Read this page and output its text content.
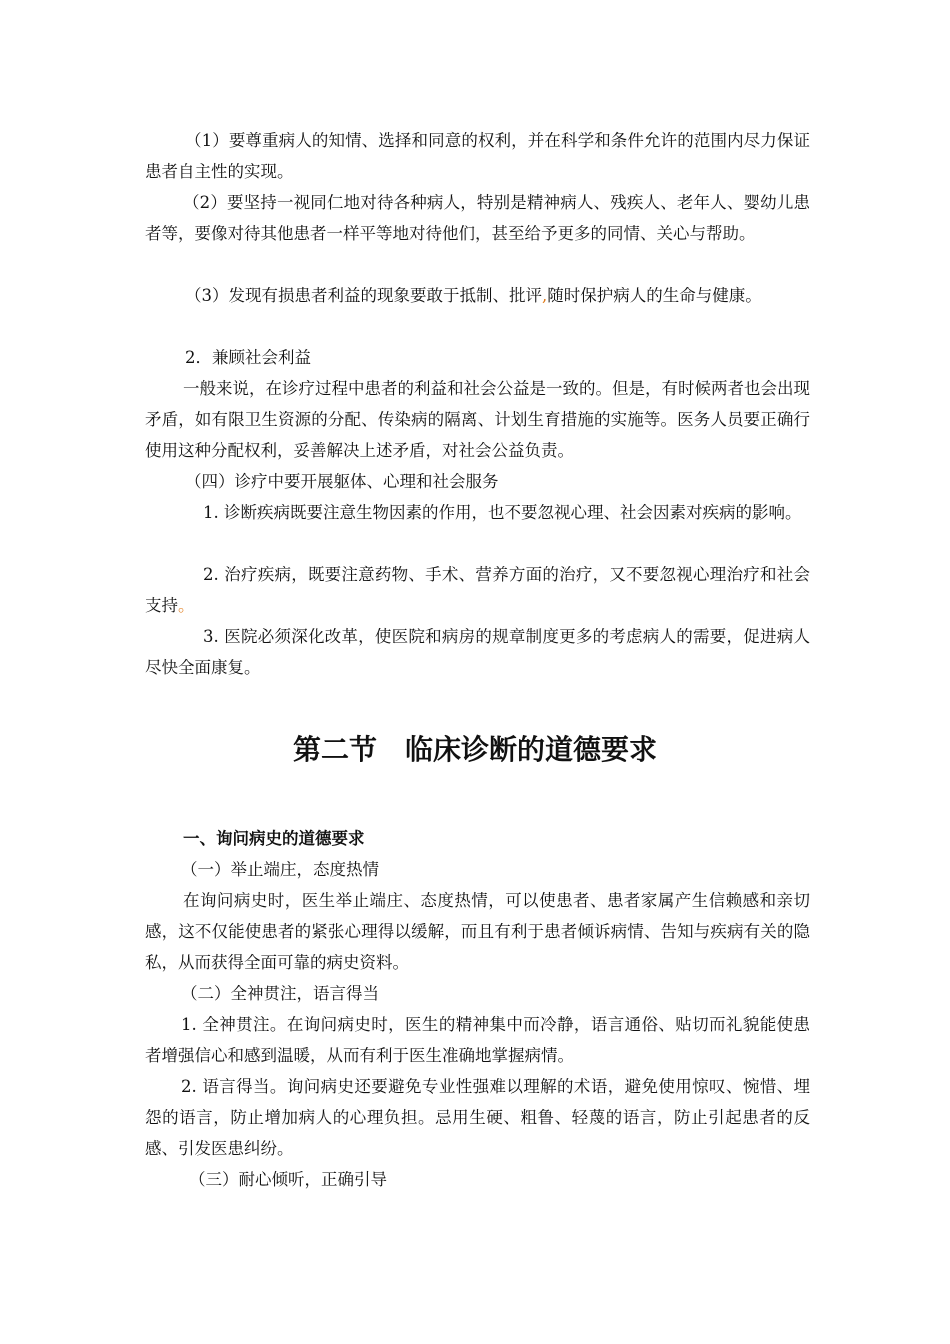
（1）要尊重病人的知情、选择和同意的权利，并在科学和条件允许的范围内尽力保证患者自主性的实现。

（2）要坚持一视同仁地对待各种病人，特别是精神病人、残疾人、老年人、婴幼儿患者等，要像对待其他患者一样平等地对待他们，甚至给予更多的同情、关心与帮助。

（3）发现有损患者利益的现象要敢于抵制、批评,随时保护病人的生命与健康。

2．兼顾社会利益

一般来说，在诊疗过程中患者的利益和社会公益是一致的。但是，有时候两者也会出现矛盾，如有限卫生资源的分配、传染病的隔离、计划生育措施的实施等。医务人员要正确行使用这种分配权利，妥善解决上述矛盾，对社会公益负责。

（四）诊疗中要开展躯体、心理和社会服务

1. 诊断疾病既要注意生物因素的作用，也不要忽视心理、社会因素对疾病的影响。

2. 治疗疾病，既要注意药物、手术、营养方面的治疗，又不要忽视心理治疗和社会支持。

3. 医院必须深化改革，使医院和病房的规章制度更多的考虑病人的需要，促进病人尽快全面康复。

第二节　临床诊断的道德要求

一、询问病史的道德要求

（一）举止端庄，态度热情

在询问病史时，医生举止端庄、态度热情，可以使患者、患者家属产生信赖感和亲切感，这不仅能使患者的紧张心理得以缓解，而且有利于患者倾诉病情、告知与疾病有关的隐私，从而获得全面可靠的病史资料。

（二）全神贯注，语言得当

1. 全神贯注。在询问病史时，医生的精神集中而冷静，语言通俗、贴切而礼貌能使患者增强信心和感到温暖，从而有利于医生准确地掌握病情。

2. 语言得当。询问病史还要避免专业性强难以理解的术语，避免使用惊叹、惋惜、埋怨的语言，防止增加病人的心理负担。忌用生硬、粗鲁、轻蔑的语言，防止引起患者的反感、引发医患纠纷。

（三）耐心倾听，正确引导
